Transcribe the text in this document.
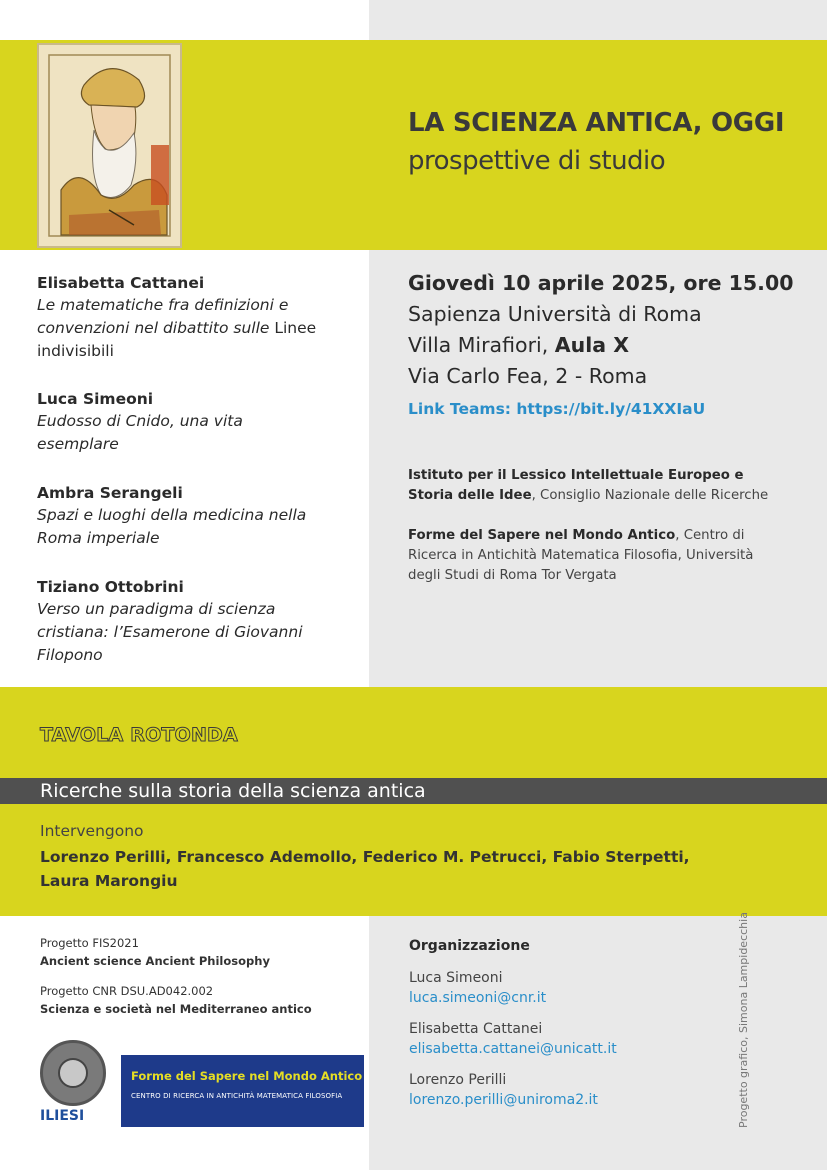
LA SCIENZA ANTICA, OGGI
prospettive di studio
Elisabetta Cattanei
Le matematiche fra definizioni e convenzioni nel dibattito sulle Linee indivisibili
Luca Simeoni
Eudosso di Cnido, una vita esemplare
Ambra Serangeli
Spazi e luoghi della medicina nella Roma imperiale
Tiziano Ottobrini
Verso un paradigma di scienza cristiana: l’Esamerone di Giovanni Filopono
Giovedì 10 aprile 2025, ore 15.00
Sapienza Università di Roma
Villa Mirafiori, Aula X
Via Carlo Fea, 2 - Roma
Link Teams: https://bit.ly/41XXIaU
Istituto per il Lessico Intellettuale Europeo e Storia delle Idee, Consiglio Nazionale delle Ricerche
Forme del Sapere nel Mondo Antico, Centro di Ricerca in Antichità Matematica Filosofia, Università degli Studi di Roma Tor Vergata
TAVOLA ROTONDA
Ricerche sulla storia della scienza antica
Intervengono
Lorenzo Perilli, Francesco Ademollo, Federico M. Petrucci, Fabio Sterpetti, Laura Marongiu
Progetto FIS2021
Ancient science Ancient Philosophy
Progetto CNR DSU.AD042.002
Scienza e società nel Mediterraneo antico
ILIESI
Forme del Sapere nel Mondo Antico
CENTRO DI RICERCA IN ANTICHITÀ MATEMATICA FILOSOFIA
Organizzazione
Luca Simeoni
luca.simeoni@cnr.it
Elisabetta Cattanei
elisabetta.cattanei@unicatt.it
Lorenzo Perilli
lorenzo.perilli@uniroma2.it	Progetto grafico, Simona Lampidecchia
